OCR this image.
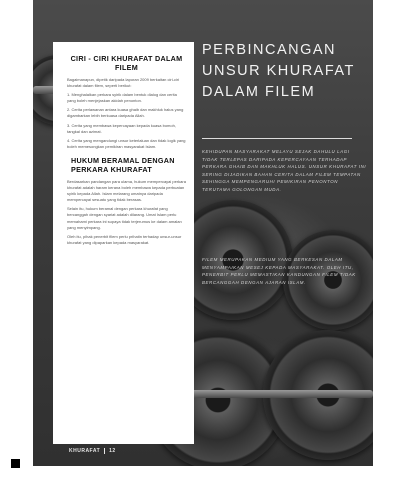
CIRI - CIRI KHURAFAT DALAM FILEM

Bagaimanapun, dipetik daripada laporan 2009 berkaitan ciri-ciri khurafat dalam filem, seperti berikut:

1. Menghalalkan perkara syirik dalam bentuk dialog dan cerita yang boleh menjejaskan akidah penonton.
2. Cerita perlawanan antara kuasa ghaib dan makhluk halus yang digambarkan lebih berkuasa daripada Allah.
3. Cerita yang membawa kepercayaan kepada kuasa bomoh, tangkal dan azimat.
4. Cerita yang mengandungi unsur keterlaluan dan tidak logik yang boleh memesongkan pemikiran masyarakat Islam.
HUKUM BERAMAL DENGAN PERKARA KHURAFAT

Berdasarkan pandangan para ulama, hukum mempercayai perkara khurafat adalah haram kerana boleh membawa kepada perbuatan syirik kepada Allah. Islam melarang umatnya daripada mempercayai sesuatu yang tidak berasas.

Selain itu, hukum beramal dengan perkara khurafat yang bercanggah dengan syariat adalah dilarang. Umat Islam perlu memahami perkara ini supaya tidak terjerumus ke dalam amalan yang menyimpang.

Oleh itu, pihak penerbit filem perlu prihatin terhadap unsur-unsur khurafat yang dipaparkan kepada masyarakat.

PERBINCANGAN UNSUR KHURAFAT DALAM FILEM

KEHIDUPAN MASYARAKAT MELAYU SEJAK DAHULU LAGI TIDAK TERLEPAS DARIPADA KEPERCAYAAN TERHADAP PERKARA GHAIB DAN MAKHLUK HALUS. UNSUR KHURAFAT INI SERING DIJADIKAN BAHAN CERITA DALAM FILEM TEMPATAN SEHINGGA MEMPENGARUHI PEMIKIRAN PENONTON TERUTAMA GOLONGAN MUDA.

FILEM MERUPAKAN MEDIUM YANG BERKESAN DALAM MENYAMPAIKAN MESEJ KEPADA MASYARAKAT. OLEH ITU, PENERBIT PERLU MEMASTIKAN KANDUNGAN FILEM TIDAK BERCANGGAH DENGAN AJARAN ISLAM.

KHURAFAT 12
